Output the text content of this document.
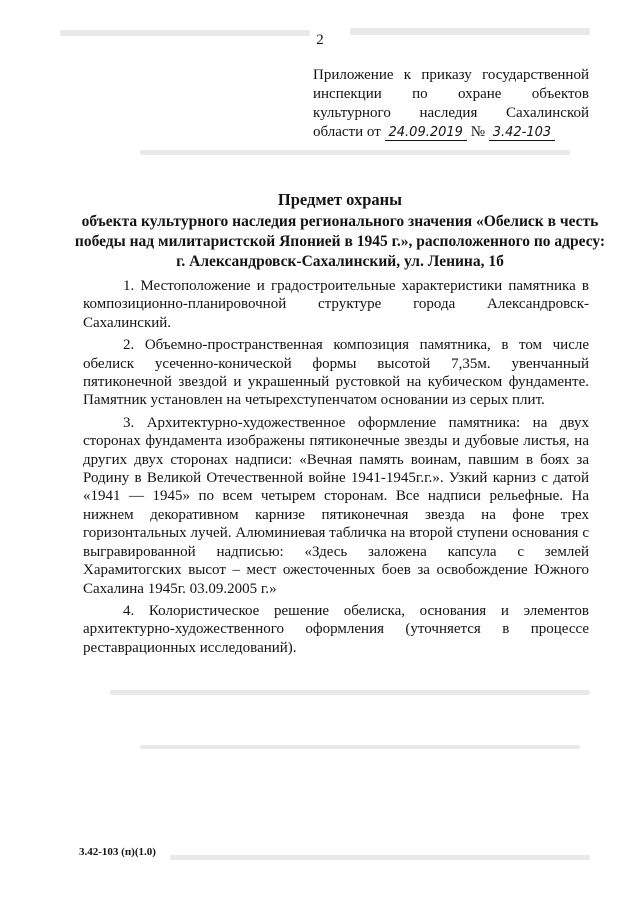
2
Приложение к приказу государственной
инспекции по охране объектов
культурного наследия Сахалинской
области от 24.09.2019 № 3.42-103
Предмет охраны
объекта культурного наследия регионального значения «Обелиск в честь победы над милитаристской Японией в 1945 г.», расположенного по адресу: г. Александровск-Сахалинский, ул. Ленина, 1б

1. Местоположение и градостроительные характеристики памятника в композиционно-планировочной структуре города Александровск-Сахалинский.

2. Объемно-пространственная композиция памятника, в том числе обелиск усеченно-конической формы высотой 7,35м. увенчанный пятиконечной звездой и украшенный рустовкой на кубическом фундаменте. Памятник установлен на четырехступенчатом основании из серых плит.

3. Архитектурно-художественное оформление памятника: на двух сторонах фундамента изображены пятиконечные звезды и дубовые листья, на других двух сторонах надписи: «Вечная память воинам, павшим в боях за Родину в Великой Отечественной войне 1941-1945г.г.». Узкий карниз с датой «1941 — 1945» по всем четырем сторонам. Все надписи рельефные. На нижнем декоративном карнизе пятиконечная звезда на фоне трех горизонтальных лучей. Алюминиевая табличка на второй ступени основания с выгравированной надписью: «Здесь заложена капсула с землей Харамитогских высот – мест ожесточенных боев за освобождение Южного Сахалина 1945г. 03.09.2005 г.»

4. Колористическое решение обелиска, основания и элементов архитектурно-художественного оформления (уточняется в процессе реставрационных исследований).

3.42-103 (п)(1.0)
